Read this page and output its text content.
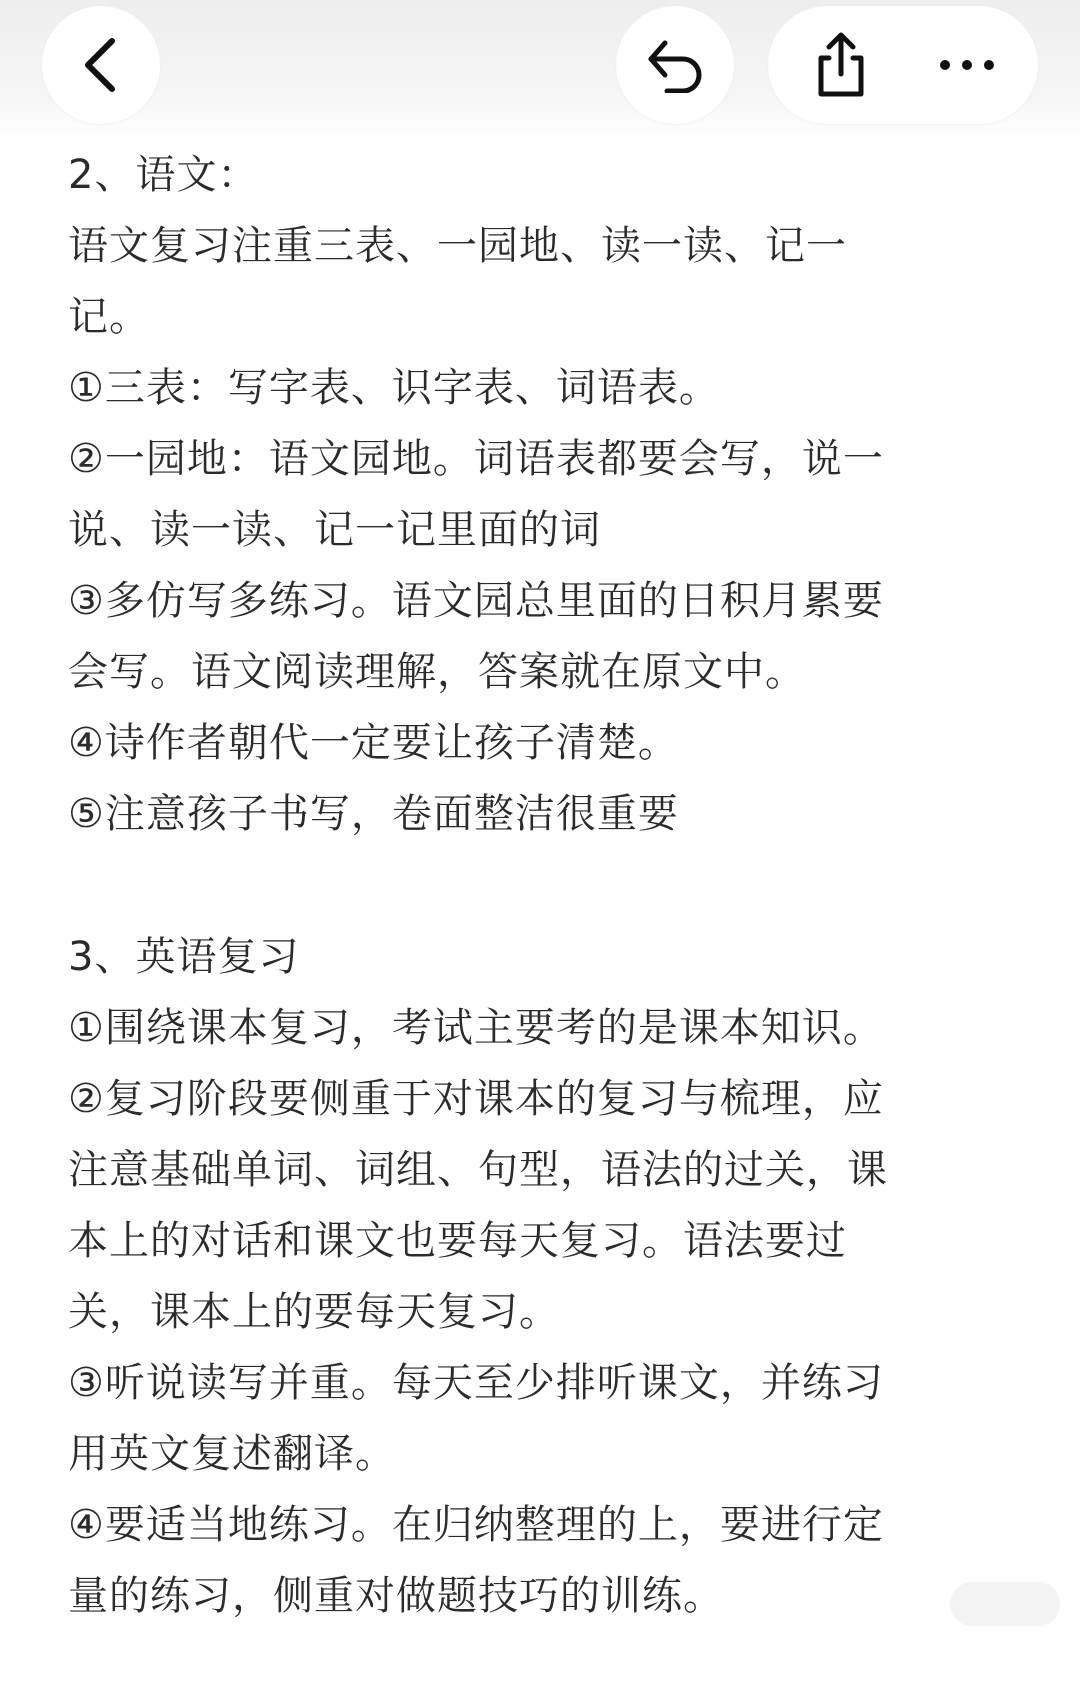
2、语文：
语文复习注重三表、一园地、读一读、记一
记。
①三表：写字表、识字表、词语表。
②一园地：语文园地。词语表都要会写，说一
说、读一读、记一记里面的词
③多仿写多练习。语文园总里面的日积月累要
会写。语文阅读理解，答案就在原文中。
④诗作者朝代一定要让孩子清楚。
⑤注意孩子书写，卷面整洁很重要
3、英语复习
①围绕课本复习，考试主要考的是课本知识。
②复习阶段要侧重于对课本的复习与梳理，应
注意基础单词、词组、句型，语法的过关，课
本上的对话和课文也要每天复习。语法要过
关，课本上的要每天复习。
③听说读写并重。每天至少排听课文，并练习
用英文复述翻译。
④要适当地练习。在归纳整理的上，要进行定
量的练习，侧重对做题技巧的训练。
